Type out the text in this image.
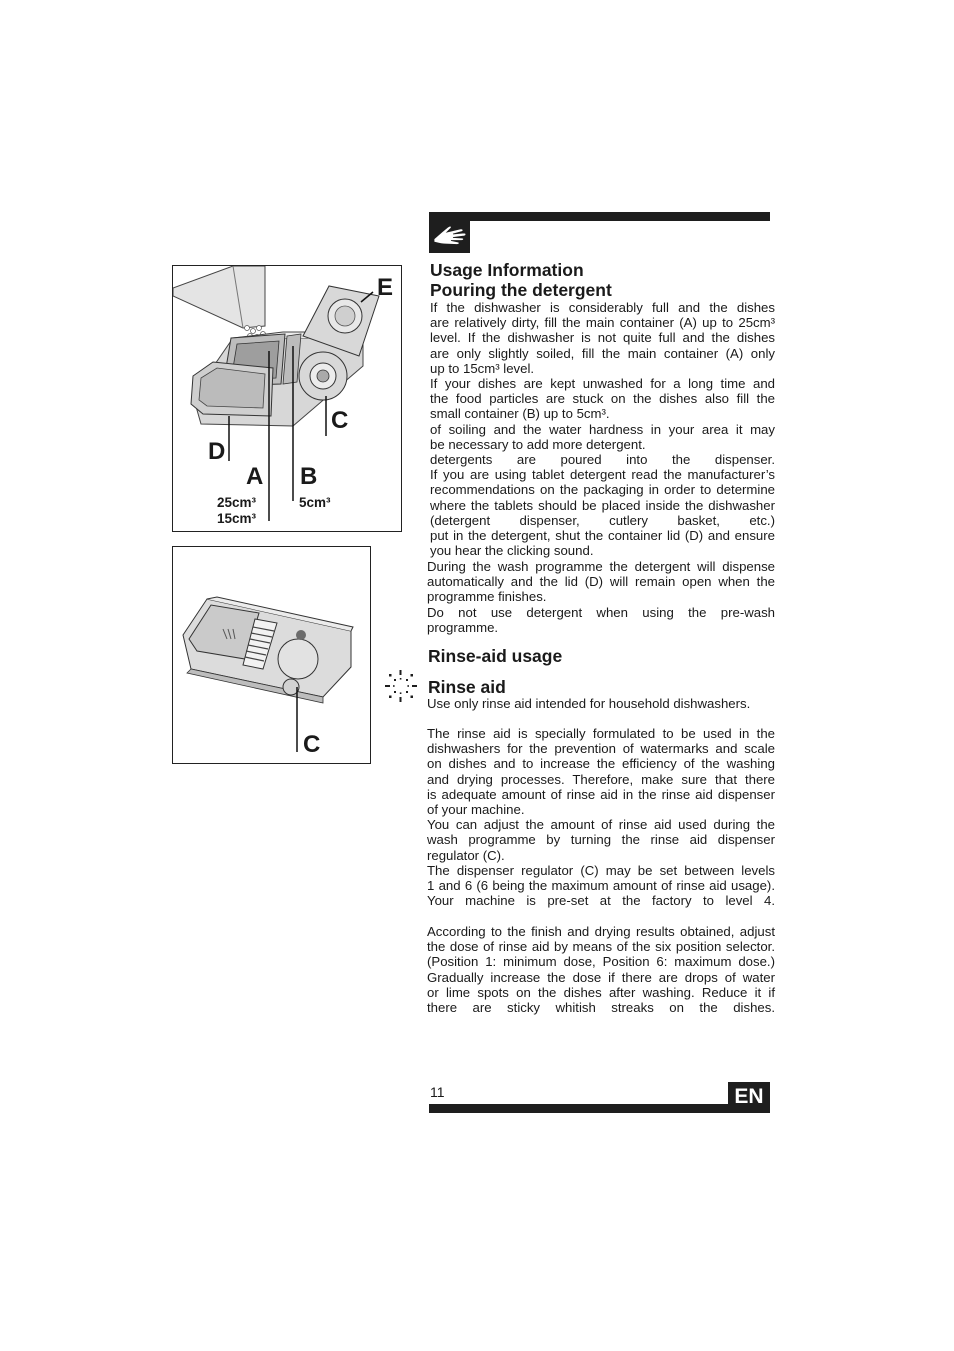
Usage Information
Pouring the detergent
If the dishwasher is considerably full and the dishes
are relatively dirty, fill the main container (A) up to 25cm³
level. If the dishwasher is not quite full and the dishes
are only slightly soiled, fill the main container (A) only
up to 15cm³ level.
If your dishes are kept unwashed for a long time and
the food particles are stuck on the dishes also fill the
small container (B) up to 5cm³.
of soiling and the water hardness in your area it may
be necessary to add more detergent.
detergents are poured into the dispenser.
If you are using tablet detergent read the manufacturer’s
recommendations on the packaging in order to determine
where the tablets should be placed inside the dishwasher
(detergent dispenser, cutlery basket, etc.)
put in the detergent, shut the container lid (D) and ensure
you hear the clicking sound.
During the wash programme the detergent will dispense
automatically and the lid (D) will remain open when the
programme finishes.
Do not use detergent when using the pre-wash
programme.
Rinse-aid usage
Rinse aid
Use only rinse aid intended for household dishwashers.
The rinse aid is specially formulated to be used in the
dishwashers for the prevention of watermarks and scale
on dishes and to increase the efficiency of the washing
and drying processes. Therefore, make sure that there
is adequate amount of rinse aid in the rinse aid dispenser
of your machine.
You can adjust the amount of rinse aid used during the
wash programme by turning the rinse aid dispenser
regulator (C).
The dispenser regulator (C) may be set between levels
1 and 6 (6 being the maximum amount of rinse aid usage).
Your machine is pre-set at the factory to level 4.
According to the finish and drying results obtained, adjust
the dose of rinse aid by means of the six position selector.
(Position 1: minimum dose, Position 6: maximum dose.)
Gradually increase the dose if there are drops of water
or lime spots on the dishes after washing. Reduce it if
there are sticky whitish streaks on the dishes.
E
C
D
A B
25cm³
15cm³
5cm³
C
11	EN
